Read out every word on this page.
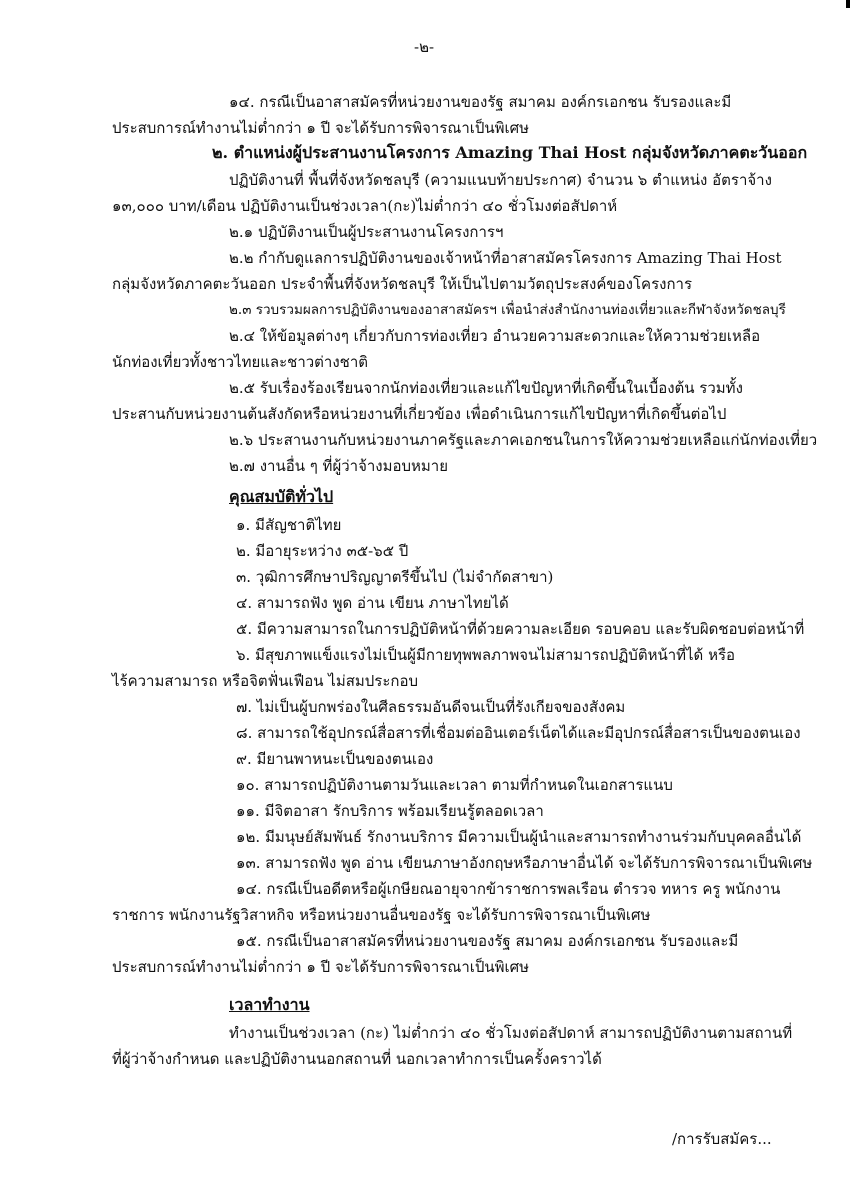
-๒-
๑๔. กรณีเป็นอาสาสมัครที่หน่วยงานของรัฐ สมาคม องค์กรเอกชน รับรองและมี
ประสบการณ์ทำงานไม่ต่ำกว่า ๑ ปี จะได้รับการพิจารณาเป็นพิเศษ
๒. ตำแหน่งผู้ประสานงานโครงการ Amazing Thai Host กลุ่มจังหวัดภาคตะวันออก
ปฏิบัติงานที่ พื้นที่จังหวัดชลบุรี (ความแนบท้ายประกาศ) จำนวน ๖ ตำแหน่ง อัตราจ้าง
๑๓,๐๐๐ บาท/เดือน ปฏิบัติงานเป็นช่วงเวลา(กะ)ไม่ต่ำกว่า ๔๐ ชั่วโมงต่อสัปดาห์
๒.๑ ปฏิบัติงานเป็นผู้ประสานงานโครงการฯ
๒.๒ กำกับดูแลการปฏิบัติงานของเจ้าหน้าที่อาสาสมัครโครงการ Amazing Thai Host
กลุ่มจังหวัดภาคตะวันออก ประจำพื้นที่จังหวัดชลบุรี ให้เป็นไปตามวัตถุประสงค์ของโครงการ
๒.๓ รวบรวมผลการปฏิบัติงานของอาสาสมัครฯ เพื่อนำส่งสำนักงานท่องเที่ยวและกีฬาจังหวัดชลบุรี
๒.๔ ให้ข้อมูลต่างๆ เกี่ยวกับการท่องเที่ยว อำนวยความสะดวกและให้ความช่วยเหลือ
นักท่องเที่ยวทั้งชาวไทยและชาวต่างชาติ
๒.๕ รับเรื่องร้องเรียนจากนักท่องเที่ยวและแก้ไขปัญหาที่เกิดขึ้นในเบื้องต้น รวมทั้ง
ประสานกับหน่วยงานต้นสังกัดหรือหน่วยงานที่เกี่ยวข้อง เพื่อดำเนินการแก้ไขปัญหาที่เกิดขึ้นต่อไป
๒.๖ ประสานงานกับหน่วยงานภาครัฐและภาคเอกชนในการให้ความช่วยเหลือแก่นักท่องเที่ยว
๒.๗ งานอื่น ๆ ที่ผู้ว่าจ้างมอบหมาย
คุณสมบัติทั่วไป
๑. มีสัญชาติไทย
๒. มีอายุระหว่าง ๓๕-๖๕ ปี
๓. วุฒิการศึกษาปริญญาตรีขึ้นไป (ไม่จำกัดสาขา)
๔. สามารถฟัง พูด อ่าน เขียน ภาษาไทยได้
๕. มีความสามารถในการปฏิบัติหน้าที่ด้วยความละเอียด รอบคอบ และรับผิดชอบต่อหน้าที่
๖. มีสุขภาพแข็งแรงไม่เป็นผู้มีกายทุพพลภาพจนไม่สามารถปฏิบัติหน้าที่ได้ หรือ
ไร้ความสามารถ หรือจิตฟั่นเฟือน ไม่สมประกอบ
๗. ไม่เป็นผู้บกพร่องในศีลธรรมอันดีจนเป็นที่รังเกียจของสังคม
๘. สามารถใช้อุปกรณ์สื่อสารที่เชื่อมต่ออินเตอร์เน็ตได้และมีอุปกรณ์สื่อสารเป็นของตนเอง
๙. มียานพาหนะเป็นของตนเอง
๑๐. สามารถปฏิบัติงานตามวันและเวลา ตามที่กำหนดในเอกสารแนบ
๑๑. มีจิตอาสา รักบริการ พร้อมเรียนรู้ตลอดเวลา
๑๒. มีมนุษย์สัมพันธ์ รักงานบริการ มีความเป็นผู้นำและสามารถทำงานร่วมกับบุคคลอื่นได้
๑๓. สามารถฟัง พูด อ่าน เขียนภาษาอังกฤษหรือภาษาอื่นได้ จะได้รับการพิจารณาเป็นพิเศษ
๑๔. กรณีเป็นอดีตหรือผู้เกษียณอายุจากข้าราชการพลเรือน ตำรวจ ทหาร ครู พนักงาน
ราชการ พนักงานรัฐวิสาหกิจ หรือหน่วยงานอื่นของรัฐ จะได้รับการพิจารณาเป็นพิเศษ
๑๕. กรณีเป็นอาสาสมัครที่หน่วยงานของรัฐ สมาคม องค์กรเอกชน รับรองและมี
ประสบการณ์ทำงานไม่ต่ำกว่า ๑ ปี จะได้รับการพิจารณาเป็นพิเศษ
เวลาทำงาน
ทำงานเป็นช่วงเวลา (กะ) ไม่ต่ำกว่า ๔๐ ชั่วโมงต่อสัปดาห์ สามารถปฏิบัติงานตามสถานที่
ที่ผู้ว่าจ้างกำหนด และปฏิบัติงานนอกสถานที่ นอกเวลาทำการเป็นครั้งคราวได้
/การรับสมัคร...
